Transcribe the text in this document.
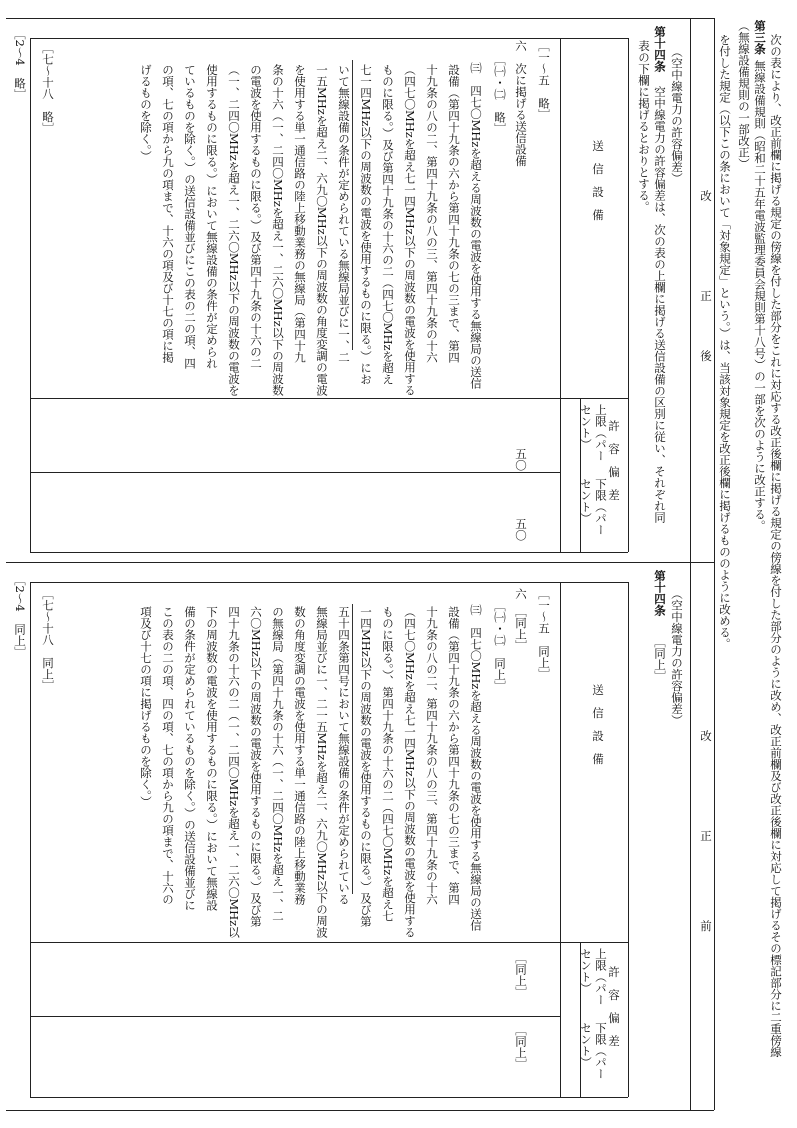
（無線設備規則の一部改正） 第三条
無線設備規則（昭和二十五年電波監理委員会規則第十八号）の一部を次のように改正する。 次の表により、改正前欄に掲げる規定の傍線を付した部分をこれに対応する改正後欄に掲げる規定の傍線を付した部分のように改め、改正前欄及び改正後欄に対応して掲げるその標記部分に二重傍線
を付した規定（以下この条において「対象規定」という。）は、当該対象規定を改正後欄に掲げるもののように改める。
改
正
後
（空中線電力の許容偏差）
第十四条
空中線電力の許容偏差は、次の表の上欄に掲げる送信設備の区別に従い、それぞれ同
表の下欄に掲げるとおりとする。
送　信　設　備
許　容　偏　差
上限（パーセント）
下限（パーセント）
［一～五　略］
六　次に掲げる送信設備
［㈠・㈡　略］
㈢　四七〇MHzを超える周波数の電波を使用する無線局の送信
設備（第四十九条の六から第四十九条の七の三まで、第四
十九条の八の二、第四十九条の八の三、第四十九条の十六
（四七〇MHzを超え七一四MHz以下の周波数の電波を使用する
ものに限る。）及び第四十九条の十六の二（四七〇MHzを超え
七一四MHz以下の周波数の電波を使用するものに限る。）にお
いて無線設備の条件が定められている無線局並びに一、二
一五MHzを超え二、六九〇MHz以下の周波数の角度変調の電波
を使用する単一通信路の陸上移動業務の無線局（第四十九
条の十六（一、二四〇MHzを超え一、二六〇MHz以下の周波数
の電波を使用するものに限る。）及び第四十九条の十六の二
（一、二四〇MHzを超え一、二六〇MHz以下の周波数の電波を
使用するものに限る。）において無線設備の条件が定められ
ているものを除く。）の送信設備並びにこの表の二の項、四
の項、七の項から九の項まで、十六の項及び十七の項に掲
げるものを除く。）
五〇
五〇
［七～十八　略］
［2～4　略］
改
正
前
（空中線電力の許容偏差）
第十四条
［同上］
送　信　設　備
許　容　偏　差
上限（パーセント）
下限（パーセント）
［一～五　同上］
六　［同上］
［㈠・㈡　同上］
㈢　四七〇MHzを超える周波数の電波を使用する無線局の送信
設備（第四十九条の六から第四十九条の七の三まで、第四
十九条の八の二、第四十九条の八の三、第四十九条の十六
（四七〇MHzを超え七一四MHz以下の周波数の電波を使用する
ものに限る。）、第四十九条の十六の二（四七〇MHzを超え七
一四MHz以下の周波数の電波を使用するものに限る。）及び第
五十四条第四号において無線設備の条件が定められている
無線局並びに一、二一五MHzを超え二、六九〇MHz以下の周波
数の角度変調の電波を使用する単一通信路の陸上移動業務
の無線局（第四十九条の十六（一、二四〇MHzを超え一、二
六〇MHz以下の周波数の電波を使用するものに限る。）及び第
四十九条の十六の二（一、二四〇MHzを超え一、二六〇MHz以
下の周波数の電波を使用するものに限る。）において無線設
備の条件が定められているものを除く。）の送信設備並びに
この表の二の項、四の項、七の項から九の項まで、十六の
項及び十七の項に掲げるものを除く。）
［同上］
［同上］
［七～十八　同上］
［2～4　同上］
